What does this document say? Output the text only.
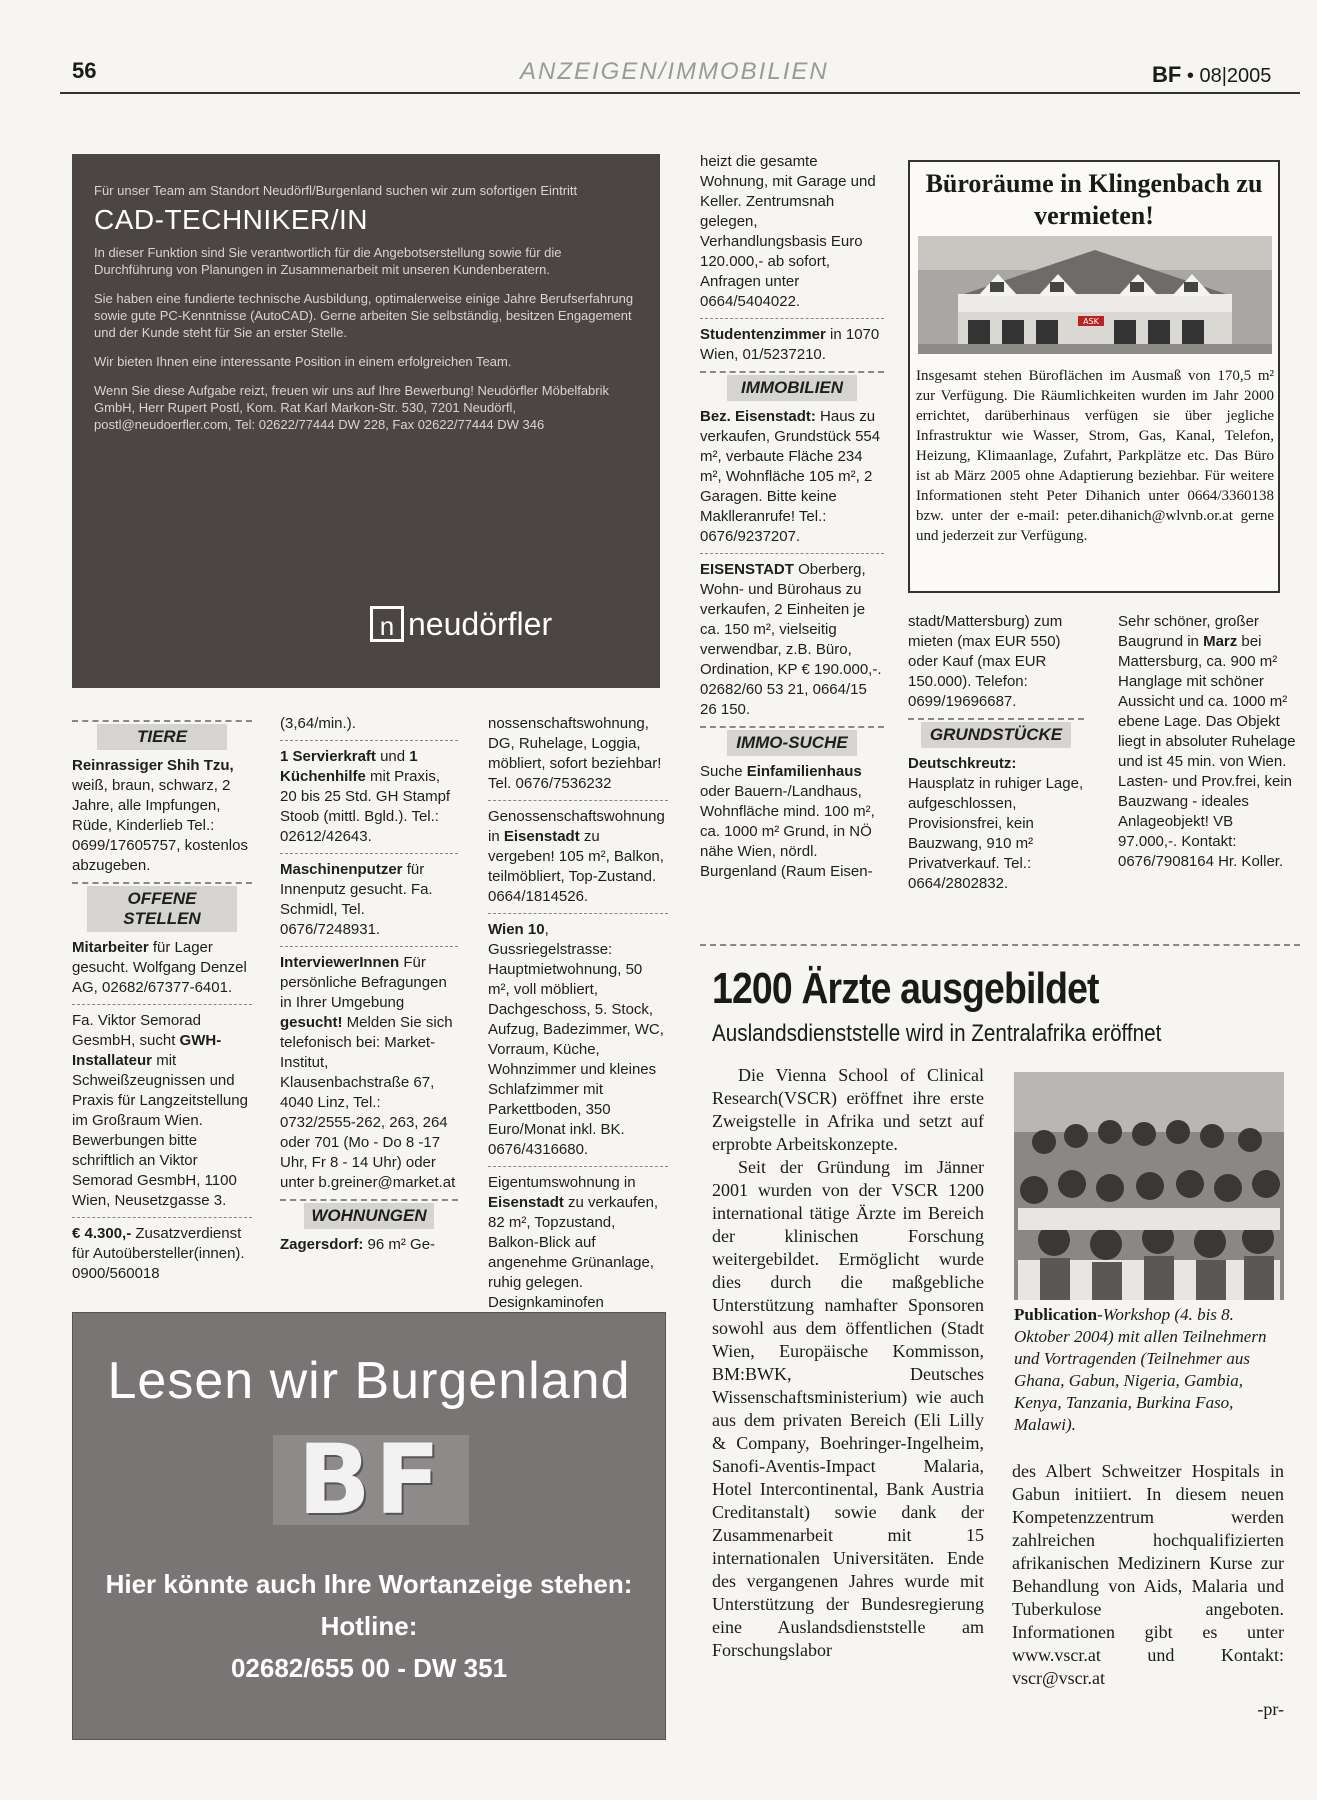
56	ANZEIGEN/IMMOBILIEN	BF • 08|2005

Für unser Team am Standort Neudörfl/Burgenland suchen wir zum sofortigen Eintritt

CAD-TECHNIKER/IN

In dieser Funktion sind Sie verantwortlich für die Angebotserstellung sowie für die Durchführung von Planungen in Zusammenarbeit mit unseren Kundenberatern.

Sie haben eine fundierte technische Ausbildung, optimalerweise einige Jahre Berufserfahrung sowie gute PC-Kenntnisse (AutoCAD). Gerne arbeiten Sie selbständig, besitzen Engagement und der Kunde steht für Sie an erster Stelle.

Wir bieten Ihnen eine interessante Position in einem erfolgreichen Team.

Wenn Sie diese Aufgabe reizt, freuen wir uns auf Ihre Bewerbung! Neudörfler Möbelfabrik GmbH, Herr Rupert Postl, Kom. Rat Karl Markon-Str. 530, 7201 Neudörfl, postl@neudoerfler.com, Tel: 02622/77444 DW 228, Fax 02622/77444 DW 346

n neudörfler
TIERE

Reinrassiger Shih Tzu, weiß, braun, schwarz, 2 Jahre, alle Impfungen, Rüde, Kinderlieb Tel.: 0699/17605757, kostenlos abzugeben.

OFFENE STELLEN

Mitarbeiter für Lager gesucht. Wolfgang Denzel AG, 02682/67377-6401.

Fa. Viktor Semorad GesmbH, sucht GWH-Installateur mit Schweißzeugnissen und Praxis für Langzeitstellung im Großraum Wien. Bewerbungen bitte schriftlich an Viktor Semorad GesmbH, 1100 Wien, Neusetzgasse 3.

€ 4.300,- Zusatzverdienst für Autoübersteller(innen). 0900/560018

(3,64/min.).

1 Servierkraft und 1 Küchenhilfe mit Praxis, 20 bis 25 Std. GH Stampf Stoob (mittl. Bgld.). Tel.: 02612/42643.

Maschinenputzer für Innenputz gesucht. Fa. Schmidl, Tel. 0676/7248931.

InterviewerInnen Für persönliche Befragungen in Ihrer Umgebung gesucht! Melden Sie sich telefonisch bei: Market-Institut, Klausenbachstraße 67, 4040 Linz, Tel.: 0732/2555-262, 263, 264 oder 701 (Mo - Do 8 -17 Uhr, Fr 8 - 14 Uhr) oder unter b.greiner@market.at

WOHNUNGEN

Zagersdorf: 96 m² Ge-

nossenschaftswohnung, DG, Ruhelage, Loggia, möbliert, sofort beziehbar! Tel. 0676/7536232

Genossenschaftswohnung in Eisenstadt zu vergeben! 105 m², Balkon, teilmöbliert, Top-Zustand. 0664/1814526.

Wien 10, Gussriegelstrasse: Hauptmietwohnung, 50 m², voll möbliert, Dachgeschoss, 5. Stock, Aufzug, Badezimmer, WC, Vorraum, Küche, Wohnzimmer und kleines Schlafzimmer mit Parkettboden, 350 Euro/Monat inkl. BK. 0676/4316680.

Eigentumswohnung in Eisenstadt zu verkaufen, 82 m², Topzustand, Balkon-Blick auf angenehme Grünanlage, ruhig gelegen. Designkaminofen

heizt die gesamte Wohnung, mit Garage und Keller. Zentrumsnah gelegen, Verhandlungsbasis Euro 120.000,- ab sofort, Anfragen unter 0664/5404022.

Studentenzimmer in 1070 Wien, 01/5237210.

IMMOBILIEN

Bez. Eisenstadt: Haus zu verkaufen, Grundstück 554 m², verbaute Fläche 234 m², Wohnfläche 105 m², 2 Garagen. Bitte keine Maklleranrufe! Tel.: 0676/9237207.

EISENSTADT Oberberg, Wohn- und Bürohaus zu verkaufen, 2 Einheiten je ca. 150 m², vielseitig verwendbar, z.B. Büro, Ordination, KP € 190.000,-. 02682/60 53 21, 0664/15 26 150.

IMMO-SUCHE

Suche Einfamilienhaus oder Bauern-/Landhaus, Wohnfläche mind. 100 m², ca. 1000 m² Grund, in NÖ nähe Wien, nördl. Burgenland (Raum Eisen-

Büroräume in Klingenbach zu vermieten!
ASK
Insgesamt stehen Büroflächen im Ausmaß von 170,5 m² zur Verfügung. Die Räumlichkeiten wurden im Jahr 2000 errichtet, darüberhinaus verfügen sie über jegliche Infrastruktur wie Wasser, Strom, Gas, Kanal, Telefon, Heizung, Klimaanlage, Zufahrt, Parkplätze etc. Das Büro ist ab März 2005 ohne Adaptierung beziehbar. Für weitere Informationen steht Peter Dihanich unter 0664/3360138 bzw. unter der e-mail: peter.dihanich@wlvnb.or.at gerne und jederzeit zur Verfügung.

stadt/Mattersburg) zum mieten (max EUR 550) oder Kauf (max EUR 150.000). Telefon: 0699/19696687.

GRUNDSTÜCKE

Deutschkreutz: Hausplatz in ruhiger Lage, aufgeschlossen, Provisionsfrei, kein Bauzwang, 910 m² Privatverkauf. Tel.: 0664/2802832.

Sehr schöner, großer Baugrund in Marz bei Mattersburg, ca. 900 m² Hanglage mit schöner Aussicht und ca. 1000 m² ebene Lage. Das Objekt liegt in absoluter Ruhelage und ist 45 min. von Wien. Lasten- und Prov.frei, kein Bauzwang - ideales Anlageobjekt! VB 97.000,-. Kontakt: 0676/7908164 Hr. Koller.

Lesen wir Burgenland
BF
Hier könnte auch Ihre Wortanzeige stehen:
Hotline:
02682/655 00 - DW 351
1200 Ärzte ausgebildet
Auslandsdienststelle wird in Zentralafrika eröffnet

Die Vienna School of Clinical Research(VSCR) eröffnet ihre erste Zweigstelle in Afrika und setzt auf erprobte Arbeitskonzepte.

Seit der Gründung im Jänner 2001 wurden von der VSCR 1200 international tätige Ärzte im Bereich der klinischen Forschung weitergebildet. Ermöglicht wurde dies durch die maßgebliche Unterstützung namhafter Sponsoren sowohl aus dem öffentlichen (Stadt Wien, Europäische Kommisson, BM:BWK, Deutsches Wissenschaftsministerium) wie auch aus dem privaten Bereich (Eli Lilly & Company, Boehringer-Ingelheim, Sanofi-Aventis-Impact Malaria, Hotel Intercontinental, Bank Austria Creditanstalt) sowie dank der Zusammenarbeit mit 15 internationalen Universitäten. Ende des vergangenen Jahres wurde mit Unterstützung der Bundesregierung eine Auslandsdienststelle am Forschungslabor

Publication-Workshop (4. bis 8. Oktober 2004) mit allen Teilnehmern und Vortragenden (Teilnehmer aus Ghana, Gabun, Nigeria, Gambia, Kenya, Tanzania, Burkina Faso, Malawi).

des Albert Schweitzer Hospitals in Gabun initiiert. In diesem neuen Kompetenzzentrum werden zahlreichen hochqualifizierten afrikanischen Medizinern Kurse zur Behandlung von Aids, Malaria und Tuberkulose angeboten. Informationen gibt es unter www.vscr.at und Kontakt: vscr@vscr.at

-pr-
